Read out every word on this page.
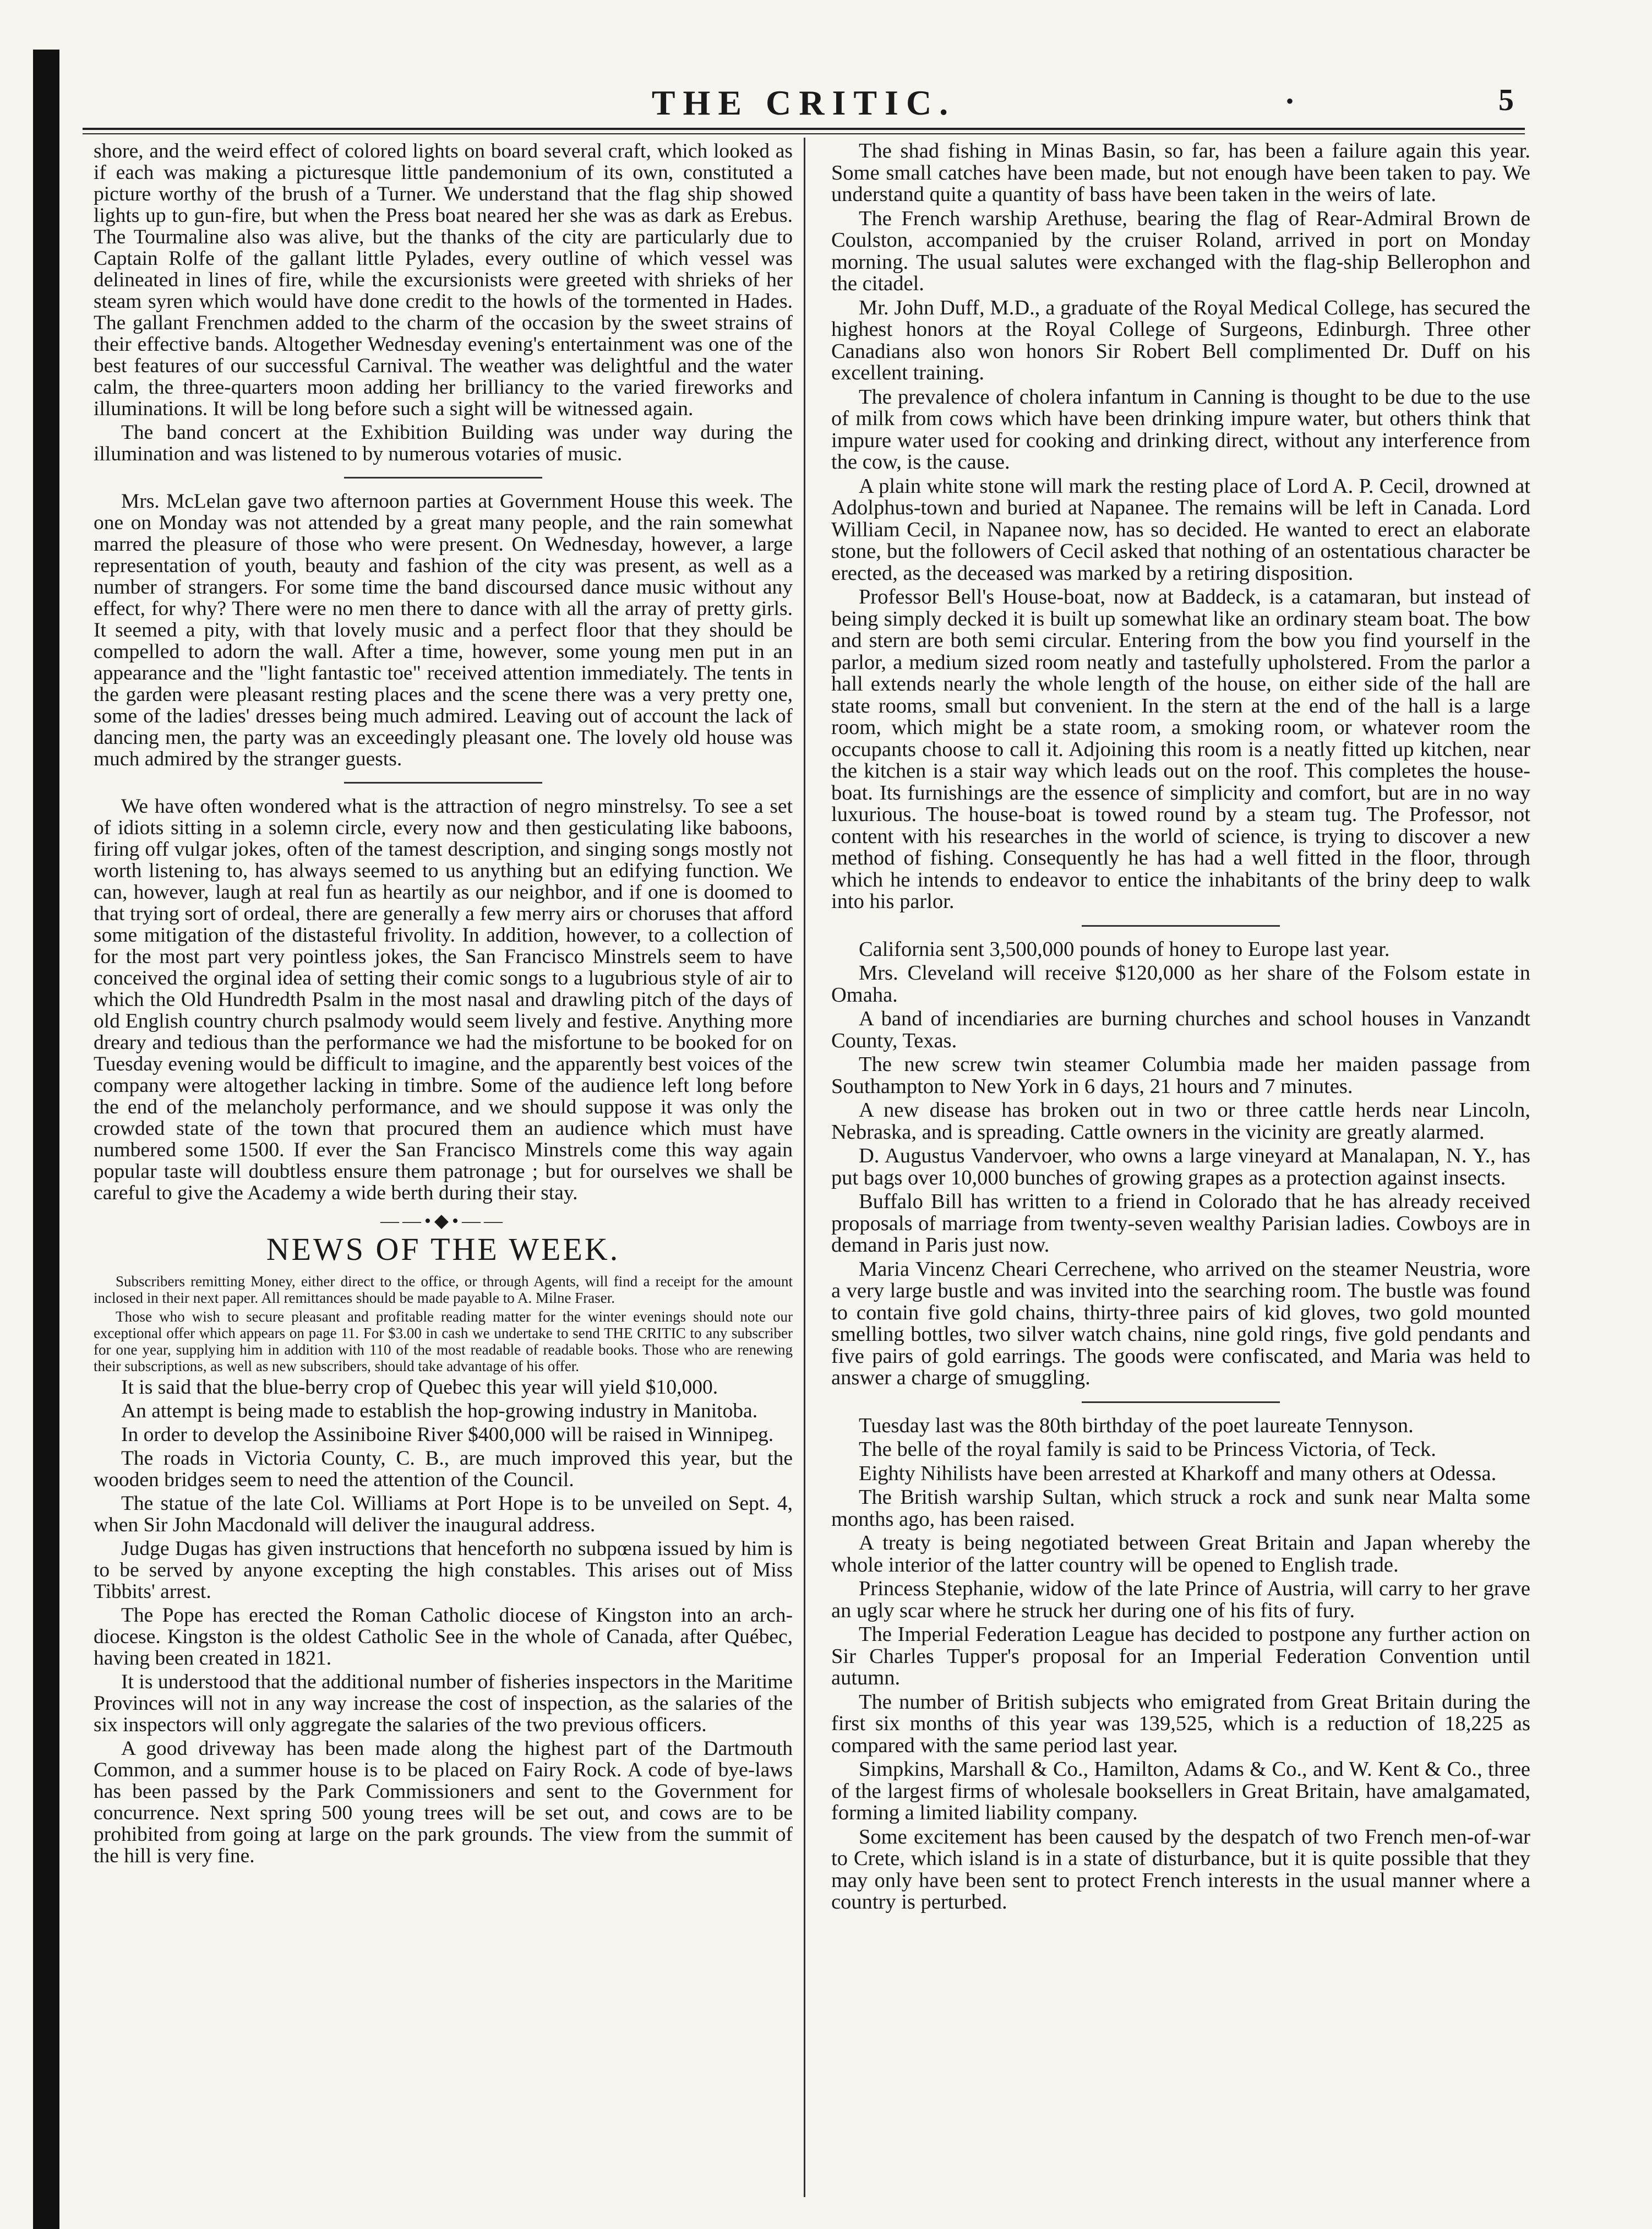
THE CRITIC.	•	5

shore, and the weird effect of colored lights on board several craft, which looked as if each was making a picturesque little pandemonium of its own, constituted a picture worthy of the brush of a Turner. We understand that the flag ship showed lights up to gun-fire, but when the Press boat neared her she was as dark as Erebus. The Tourmaline also was alive, but the thanks of the city are particularly due to Captain Rolfe of the gallant little Pylades, every outline of which vessel was delineated in lines of fire, while the excursionists were greeted with shrieks of her steam syren which would have done credit to the howls of the tormented in Hades. The gallant Frenchmen added to the charm of the occasion by the sweet strains of their effective bands. Altogether Wednesday evening's entertainment was one of the best features of our successful Carnival. The weather was delightful and the water calm, the three-quarters moon adding her brilliancy to the varied fireworks and illuminations. It will be long before such a sight will be witnessed again.

The band concert at the Exhibition Building was under way during the illumination and was listened to by numerous votaries of music.

Mrs. McLelan gave two afternoon parties at Government House this week. The one on Monday was not attended by a great many people, and the rain somewhat marred the pleasure of those who were present. On Wednesday, however, a large representation of youth, beauty and fashion of the city was present, as well as a number of strangers. For some time the band discoursed dance music without any effect, for why? There were no men there to dance with all the array of pretty girls. It seemed a pity, with that lovely music and a perfect floor that they should be compelled to adorn the wall. After a time, however, some young men put in an appearance and the "light fantastic toe" received attention immediately. The tents in the garden were pleasant resting places and the scene there was a very pretty one, some of the ladies' dresses being much admired. Leaving out of account the lack of dancing men, the party was an exceedingly pleasant one. The lovely old house was much admired by the stranger guests.

We have often wondered what is the attraction of negro minstrelsy. To see a set of idiots sitting in a solemn circle, every now and then gesticulating like baboons, firing off vulgar jokes, often of the tamest description, and singing songs mostly not worth listening to, has always seemed to us anything but an edifying function. We can, however, laugh at real fun as heartily as our neighbor, and if one is doomed to that trying sort of ordeal, there are generally a few merry airs or choruses that afford some mitigation of the distasteful frivolity. In addition, however, to a collection of for the most part very pointless jokes, the San Francisco Minstrels seem to have conceived the orginal idea of setting their comic songs to a lugubrious style of air to which the Old Hundredth Psalm in the most nasal and drawling pitch of the days of old English country church psalmody would seem lively and festive. Anything more dreary and tedious than the performance we had the misfortune to be booked for on Tuesday evening would be difficult to imagine, and the apparently best voices of the company were altogether lacking in timbre. Some of the audience left long before the end of the melancholy performance, and we should suppose it was only the crowded state of the town that procured them an audience which must have numbered some 1500. If ever the San Francisco Minstrels come this way again popular taste will doubtless ensure them patronage ; but for ourselves we shall be careful to give the Academy a wide berth during their stay.

——•◆•——
NEWS OF THE WEEK.

Subscribers remitting Money, either direct to the office, or through Agents, will find a receipt for the amount inclosed in their next paper. All remittances should be made payable to A. Milne Fraser.

Those who wish to secure pleasant and profitable reading matter for the winter evenings should note our exceptional offer which appears on page 11. For $3.00 in cash we undertake to send THE CRITIC to any subscriber for one year, supplying him in addition with 110 of the most readable of readable books. Those who are renewing their subscriptions, as well as new subscribers, should take advantage of his offer.

It is said that the blue-berry crop of Quebec this year will yield $10,000.

An attempt is being made to establish the hop-growing industry in Manitoba.

In order to develop the Assiniboine River $400,000 will be raised in Winnipeg.

The roads in Victoria County, C. B., are much improved this year, but the wooden bridges seem to need the attention of the Council.

The statue of the late Col. Williams at Port Hope is to be unveiled on Sept. 4, when Sir John Macdonald will deliver the inaugural address.

Judge Dugas has given instructions that henceforth no subpœna issued by him is to be served by anyone excepting the high constables. This arises out of Miss Tibbits' arrest.

The Pope has erected the Roman Catholic diocese of Kingston into an arch-diocese. Kingston is the oldest Catholic See in the whole of Canada, after Québec, having been created in 1821.

It is understood that the additional number of fisheries inspectors in the Maritime Provinces will not in any way increase the cost of inspection, as the salaries of the six inspectors will only aggregate the salaries of the two previous officers.

A good driveway has been made along the highest part of the Dartmouth Common, and a summer house is to be placed on Fairy Rock. A code of bye-laws has been passed by the Park Commissioners and sent to the Government for concurrence. Next spring 500 young trees will be set out, and cows are to be prohibited from going at large on the park grounds. The view from the summit of the hill is very fine.

The shad fishing in Minas Basin, so far, has been a failure again this year. Some small catches have been made, but not enough have been taken to pay. We understand quite a quantity of bass have been taken in the weirs of late.

The French warship Arethuse, bearing the flag of Rear-Admiral Brown de Coulston, accompanied by the cruiser Roland, arrived in port on Monday morning. The usual salutes were exchanged with the flag-ship Bellerophon and the citadel.

Mr. John Duff, M.D., a graduate of the Royal Medical College, has secured the highest honors at the Royal College of Surgeons, Edinburgh. Three other Canadians also won honors Sir Robert Bell complimented Dr. Duff on his excellent training.

The prevalence of cholera infantum in Canning is thought to be due to the use of milk from cows which have been drinking impure water, but others think that impure water used for cooking and drinking direct, without any interference from the cow, is the cause.

A plain white stone will mark the resting place of Lord A. P. Cecil, drowned at Adolphus-town and buried at Napanee. The remains will be left in Canada. Lord William Cecil, in Napanee now, has so decided. He wanted to erect an elaborate stone, but the followers of Cecil asked that nothing of an ostentatious character be erected, as the deceased was marked by a retiring disposition.

Professor Bell's House-boat, now at Baddeck, is a catamaran, but instead of being simply decked it is built up somewhat like an ordinary steam boat. The bow and stern are both semi circular. Entering from the bow you find yourself in the parlor, a medium sized room neatly and tastefully upholstered. From the parlor a hall extends nearly the whole length of the house, on either side of the hall are state rooms, small but convenient. In the stern at the end of the hall is a large room, which might be a state room, a smoking room, or whatever room the occupants choose to call it. Adjoining this room is a neatly fitted up kitchen, near the kitchen is a stair way which leads out on the roof. This completes the house-boat. Its furnishings are the essence of simplicity and comfort, but are in no way luxurious. The house-boat is towed round by a steam tug. The Professor, not content with his researches in the world of science, is trying to discover a new method of fishing. Consequently he has had a well fitted in the floor, through which he intends to endeavor to entice the inhabitants of the briny deep to walk into his parlor.

California sent 3,500,000 pounds of honey to Europe last year.

Mrs. Cleveland will receive $120,000 as her share of the Folsom estate in Omaha.

A band of incendiaries are burning churches and school houses in Vanzandt County, Texas.

The new screw twin steamer Columbia made her maiden passage from Southampton to New York in 6 days, 21 hours and 7 minutes.

A new disease has broken out in two or three cattle herds near Lincoln, Nebraska, and is spreading. Cattle owners in the vicinity are greatly alarmed.

D. Augustus Vandervoer, who owns a large vineyard at Manalapan, N. Y., has put bags over 10,000 bunches of growing grapes as a protection against insects.

Buffalo Bill has written to a friend in Colorado that he has already received proposals of marriage from twenty-seven wealthy Parisian ladies. Cowboys are in demand in Paris just now.

Maria Vincenz Cheari Cerrechene, who arrived on the steamer Neustria, wore a very large bustle and was invited into the searching room. The bustle was found to contain five gold chains, thirty-three pairs of kid gloves, two gold mounted smelling bottles, two silver watch chains, nine gold rings, five gold pendants and five pairs of gold earrings. The goods were confiscated, and Maria was held to answer a charge of smuggling.

Tuesday last was the 80th birthday of the poet laureate Tennyson.

The belle of the royal family is said to be Princess Victoria, of Teck.

Eighty Nihilists have been arrested at Kharkoff and many others at Odessa.

The British warship Sultan, which struck a rock and sunk near Malta some months ago, has been raised.

A treaty is being negotiated between Great Britain and Japan whereby the whole interior of the latter country will be opened to English trade.

Princess Stephanie, widow of the late Prince of Austria, will carry to her grave an ugly scar where he struck her during one of his fits of fury.

The Imperial Federation League has decided to postpone any further action on Sir Charles Tupper's proposal for an Imperial Federation Convention until autumn.

The number of British subjects who emigrated from Great Britain during the first six months of this year was 139,525, which is a reduction of 18,225 as compared with the same period last year.

Simpkins, Marshall & Co., Hamilton, Adams & Co., and W. Kent & Co., three of the largest firms of wholesale booksellers in Great Britain, have amalgamated, forming a limited liability company.

Some excitement has been caused by the despatch of two French men-of-war to Crete, which island is in a state of disturbance, but it is quite possible that they may only have been sent to protect French interests in the usual manner where a country is perturbed.
